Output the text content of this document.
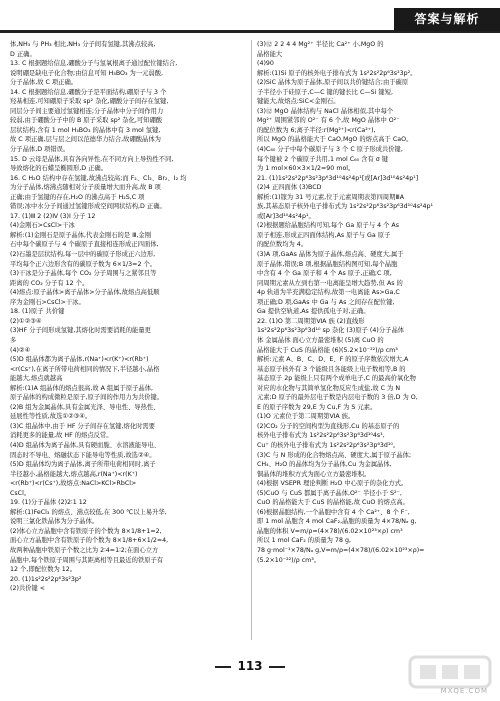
答案与解析

体,NH₃ 与 PH₃ 相比,NH₃ 分子间有氢键,其沸点较高,

D 正确。

13. C 根据题给信息,硼酸分子与氢氧根离子通过配位键结合,

说明硼是缺电子化合物;由信息可知 H₃BO₃ 为一元弱酸,

分子晶体,故 C 项正确。

14. C 根据题给信息,硼酸分子是平面结构,硼原子与 3 个

羟基相连,可知硼原子采取 sp² 杂化,硼酸分子间存在氢键,

同层分子间主要通过氢键相连;分子晶体中分子间作用力

较弱,由于硼酸分子中的 B 原子采取 sp² 杂化,可知硼酸

层状结构,含有 1 mol H₃BO₃ 的晶体中有 3 mol 氢键,

故 C 项正确,层与层之间以范德华力结合,故硼酸晶体为

分子晶体,D 项错误。

15. D 云母是晶体,具有各向异性,在不同方向上导热性不同,

导致熔化的石蜡呈椭圆形,D 正确。

16. C H₂O 结构中存在氢键,故沸点较高;而 F₂、Cl₂、Br₂、I₂ 均

为分子晶体,熔沸点随相对分子质量增大而升高,故 B 项

正确;由于氢键的存在,H₂O 的沸点高于 H₂S,C 项

错误;冰中水分子间通过氢键形成空间网状结构,D 正确。

17. (1)Ⅲ 2 (2)Ⅳ (3)Ⅰ 分子 12

(4)金刚石>CsCl>干冰

解析:(1)金刚石是原子晶体,代表金刚石的是 Ⅲ,金刚

石中每个碳原子与 4 个碳原子直接相连形成正四面体,

(2)石墨是层状结构,每一层中的碳原子形成正六边形,

平均每个正六边形含有的碳原子数为 6×1/3=2 个。

(3)干冰是分子晶体,每个 CO₂ 分子周围与之紧邻且等

距离的 CO₂ 分子有 12 个。

(4)熔点:原子晶体>离子晶体>分子晶体,故熔点高低顺

序为金刚石>CsCl>干冰。

18. (1)原子 共价键

(2)①②③④

(3)HF 分子间形成氢键,其熔化时需要消耗的能量更

多

(4)②④

(5)D 组晶体都为离子晶体,r(Na⁺)<r(K⁺)<r(Rb⁺)

<r(Cs⁺),在离子所带电荷相同的情况下,半径越小,晶格

能越大,熔点就越高

解析:(1)A 组晶体的熔点很高,故 A 组属于原子晶体,

原子晶体的构成微粒是原子,原子间的作用力为共价键。

(2)B 组为金属晶体,具有金属光泽、导电性、导热性、

延展性等性质,故选①②③④。

(3)C 组晶体中,由于 HF 分子间存在氢键,熔化时需要

消耗更多的能量,故 HF 的熔点反常。

(4)D 组晶体为离子晶体,具有硬而脆、水溶液能导电、

固态时不导电、熔融状态下能导电等性质,故选②④。

(5)D 组晶体均为离子晶体,离子所带电荷相同时,离子

半径越小,晶格能越大,熔点越高,r(Na⁺)<r(K⁺)

<r(Rb⁺)<r(Cs⁺),故熔点:NaCl>KCl>RbCl>

CsCl。

19. (1)分子晶体 (2)2∶1 12

解析:(1)FeCl₃ 的熔点、沸点较低,在 300 ℃以上易升华,

说明三氯化铁晶体为分子晶体。

(2)体心立方晶胞中含有铁原子的个数为 8×1/8+1=2,

面心立方晶胞中含有铁原子的个数为 8×1/8+6×1/2=4,

故两种晶胞中铁原子个数之比为 2∶4=1∶2;在面心立方

晶胞中,每个铁原子周围与其距离相等且最近的铁原子有

12 个,即配位数为 12。

20. (1)1s²2s²2p⁶3s²3p²

(2)共价键 <

(3)⑫ 2 2 4 4 Mg²⁺ 半径比 Ca²⁺ 小,MgO 的

晶格能大

(4)90

解析:(1)Si 原子的核外电子排布式为 1s²2s²2p⁶3s²3p²。

(2)SiC 晶体为原子晶体,原子间以共价键结合;由于碳原

子半径小于硅原子,C—C 键的键长比 C—Si 键短,

键能大,故熔点:SiC<金刚石。

(3)⑫ MgO 晶体结构与 NaCl 晶体相似,其中每个

Mg²⁺ 周围紧邻的 O²⁻ 有 6 个,故 MgO 晶体中 O²⁻

的配位数为 6;离子半径:r(Mg²⁺)<r(Ca²⁺),

所以 MgO 的晶格能大于 CaO,MgO 的熔点高于 CaO。

(4)C₆₀ 分子中每个碳原子与 3 个 C 原子形成共价键,

每个键被 2 个碳原子共用,1 mol C₆₀ 含有 σ 键

为 1 mol×60×3×1/2=90 mol。

21. (1)1s²2s²2p⁶3s²3p⁶3d¹⁰4s²4p¹[或[Ar]3d¹⁰4s²4p¹]

(2)4 正四面体 (3)BCD

解析:(1)镓为 31 号元素,位于元素周期表第四周期ⅢA

族,其基态原子核外电子排布式为 1s²2s²2p⁶3s²3p⁶3d¹⁰4s²4p¹

或[Ar]3d¹⁰4s²4p¹。

(2)根据题给晶胞结构可知,每个 Ga 原子与 4 个 As

原子相连,形成正四面体结构,As 原子与 Ga 原子

的配位数均为 4。

(3)A 项,GaAs 晶体为原子晶体,熔点高、硬度大,属于

原子晶体,错误;B 项,根据晶胞结构图可知,每个晶胞

中含有 4 个 Ga 原子和 4 个 As 原子,正确;C 项,

同周期元素从左到右第一电离能呈增大趋势,但 As 的

4p 轨道为半充满稳定结构,故第一电离能 As>Ga,C

项正确;D 项,GaAs 中 Ga 与 As 之间存在配位键,

Ga 提供空轨道,As 提供孤电子对,正确。

22. (1)O 第二周期第ⅥA 族 (2)直线形

1s²2s²2p⁶3s²3p⁶3d¹⁰ sp 杂化 (3)原子 (4)分子晶体

体 金属晶体 面心立方最密堆积 (5)离 CuO 的

晶格能大于 CuS 的晶格能 (6)(5.2×10⁻²²)/ρ cm³

解析:元素 A、B、C、D、E、F 的原子序数依次增大,A

基态原子核外有 3 个能级且各能级上电子数相等,B 的

基态原子 2p 能级上只有两个成单电子,C 的最高价氧化物

对应的水化物与其简单氢化物反应生成盐,故 C 为 N

元素;D 原子的最外层电子数是内层电子数的 3 倍,D 为 O,

E 的原子序数为 29,E 为 Cu,F 为 S 元素。

(1)O 元素位于第二周期第ⅥA 族。

(2)CO₂ 分子的空间构型为直线形,Cu 的基态原子的

核外电子排布式为 1s²2s²2p⁶3s²3p⁶3d¹⁰4s¹,

Cu⁺ 的核外电子排布式为 1s²2s²2p⁶3s²3p⁶3d¹⁰。

(3)C 与 N 形成的化合物熔点高、硬度大,属于原子晶体;

CH₄、H₂O 的晶体均为分子晶体,Cu 为金属晶体,

铜晶体的堆积方式为面心立方最密堆积。

(4)根据 VSEPR 理论判断 H₂O 中心原子的杂化方式。

(5)CuO 与 CuS 都属于离子晶体,O²⁻ 半径小于 S²⁻,

CuO 的晶格能大于 CuS 的晶格能,故 CuO 的熔点高。

(6)根据晶胞结构,一个晶胞中含有 4 个 Ca²⁺、8 个 F⁻,

即 1 mol 晶胞含 4 mol CaF₂,晶胞的质量为 4×78/Nₐ g,

晶胞的体积 V=m/ρ=(4×78)/(6.02×10²³×ρ) cm³

所以 1 mol CaF₂ 的质量为 78 g,

78 g·mol⁻¹×78/Nₐ g,V=m/ρ=(4×78)/(6.02×10²³×ρ)=

(5.2×10⁻²²)/ρ cm³。

113
MXQE.COM
